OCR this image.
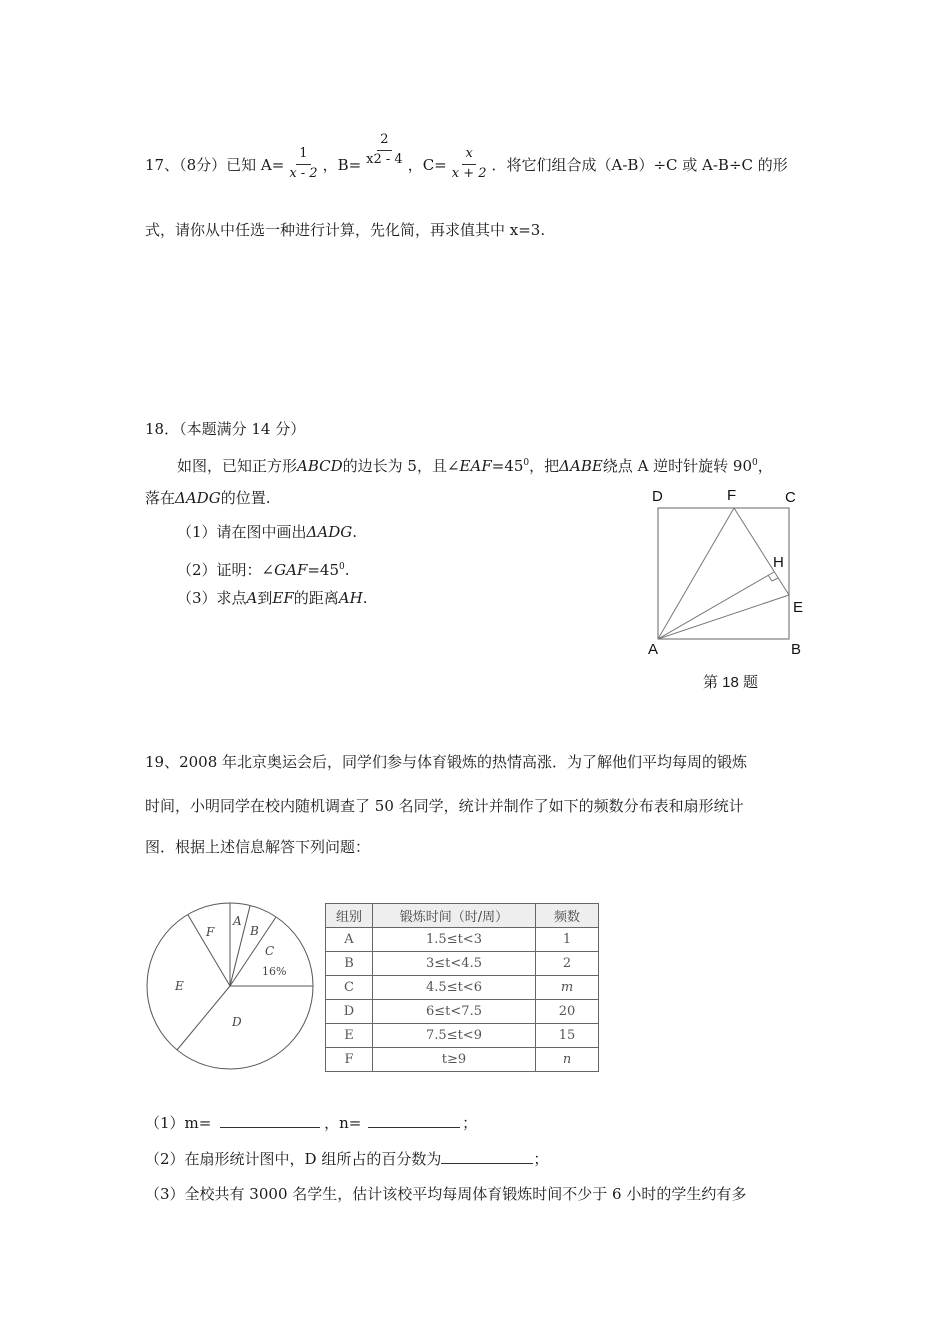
17、（8分）已知 $A= \frac{1}{x - 2}$ ，$B= \frac{2}{x2 - 4}$ ，$C= \frac{x}{x + 2}$ ．将它们组合成（A-B）÷C 或 A-B÷C 的形
式，请你从中任选一种进行计算，先化简，再求值其中 x=3.
18．（本题满分 14 分）
如图，已知正方形ABCD的边长为 5，且$\angle EAF=45^0$，把ΔABE绕点 A 逆时针旋转 $90^0$，
落在ΔADG的位置.
（1）请在图中画出ΔADG.
（2）证明：$\angle GAF=45^0$.
（3）求点A到EF的距离AH.
D	F	C
H
E
A	B
第 18 题
19、2008 年北京奥运会后，同学们参与体育锻炼的热情高涨．为了解他们平均每周的锻炼
时间，小明同学在校内随机调查了 50 名同学，统计并制作了如下的频数分布表和扇形统计
图．根据上述信息解答下列问题：
A
B
C
D
E
F
16%
组别	锻炼时间（时/周）	频数
A	1.5≤t<3	1
B	3≤t<4.5	2
C	4.5≤t<6	m
D	6≤t<7.5	20
E	7.5≤t<9	15
F	t≥9	n
（1）m=	，n=	；
（2）在扇形统计图中，D 组所占的百分数为	；
（3）全校共有 3000 名学生，估计该校平均每周体育锻炼时间不少于 6 小时的学生约有多
